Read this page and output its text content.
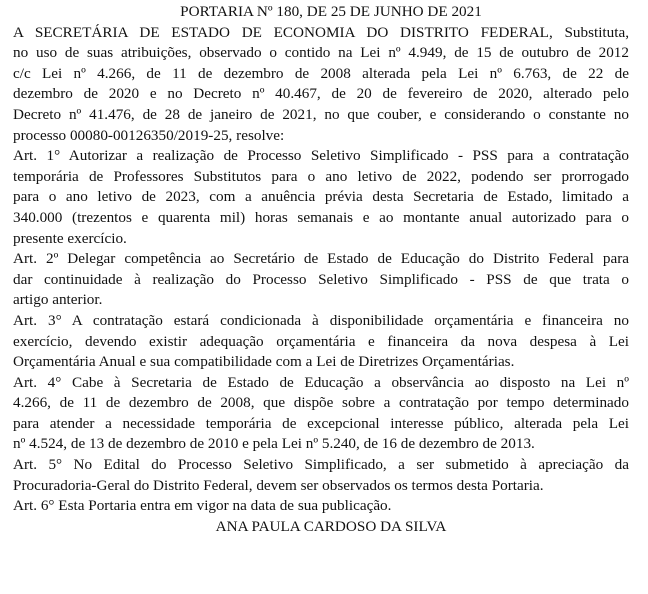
PORTARIA Nº 180, DE 25 DE JUNHO DE 2021

A SECRETÁRIA DE ESTADO DE ECONOMIA DO DISTRITO FEDERAL, Substituta,
no uso de suas atribuições, observado o contido na Lei nº 4.949, de 15 de outubro de 2012
c/c Lei nº 4.266, de 11 de dezembro de 2008 alterada pela Lei nº 6.763, de 22 de
dezembro de 2020 e no Decreto nº 40.467, de 20 de fevereiro de 2020, alterado pelo
Decreto nº 41.476, de 28 de janeiro de 2021, no que couber, e considerando o constante no
processo 00080-00126350/2019-25, resolve:
Art. 1° Autorizar a realização de Processo Seletivo Simplificado - PSS para a contratação
temporária de Professores Substitutos para o ano letivo de 2022, podendo ser prorrogado
para o ano letivo de 2023, com a anuência prévia desta Secretaria de Estado, limitado a
340.000 (trezentos e quarenta mil) horas semanais e ao montante anual autorizado para o
presente exercício.
Art. 2º Delegar competência ao Secretário de Estado de Educação do Distrito Federal para
dar continuidade à realização do Processo Seletivo Simplificado - PSS de que trata o
artigo anterior.
Art. 3° A contratação estará condicionada à disponibilidade orçamentária e financeira no
exercício, devendo existir adequação orçamentária e financeira da nova despesa à Lei
Orçamentária Anual e sua compatibilidade com a Lei de Diretrizes Orçamentárias.
Art. 4° Cabe à Secretaria de Estado de Educação a observância ao disposto na Lei nº
4.266, de 11 de dezembro de 2008, que dispõe sobre a contratação por tempo determinado
para atender a necessidade temporária de excepcional interesse público, alterada pela Lei
nº 4.524, de 13 de dezembro de 2010 e pela Lei nº 5.240, de 16 de dezembro de 2013.
Art. 5° No Edital do Processo Seletivo Simplificado, a ser submetido à apreciação da
Procuradoria-Geral do Distrito Federal, devem ser observados os termos desta Portaria.
Art. 6° Esta Portaria entra em vigor na data de sua publicação.

ANA PAULA CARDOSO DA SILVA
